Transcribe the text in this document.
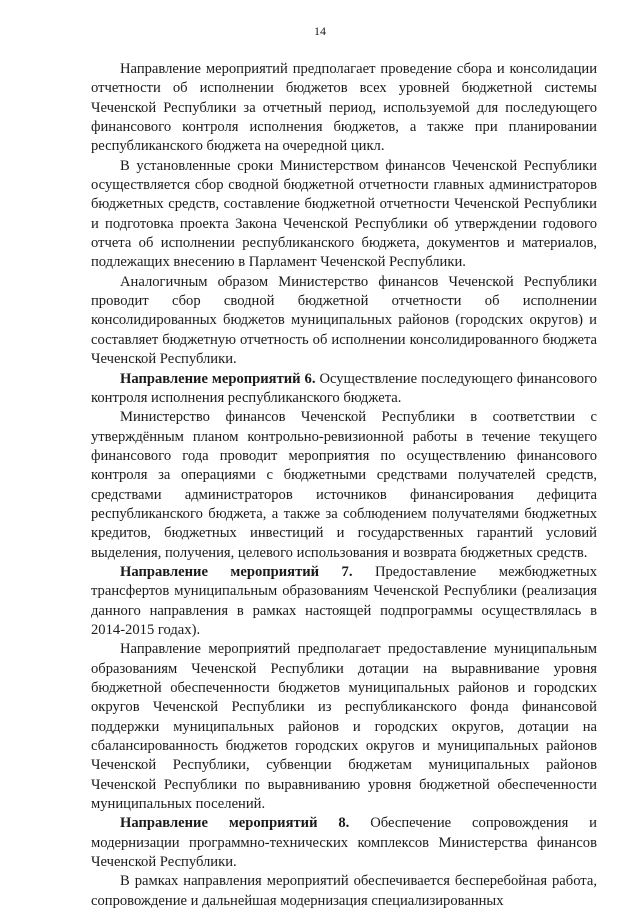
14

Направление мероприятий предполагает проведение сбора и консолидации отчетности об исполнении бюджетов всех уровней бюджетной системы Чеченской Республики за отчетный период, используемой для последующего финансового контроля исполнения бюджетов, а также при планировании республиканского бюджета на очередной цикл.

В установленные сроки Министерством финансов Чеченской Республики осуществляется сбор сводной бюджетной отчетности главных администраторов бюджетных средств, составление бюджетной отчетности Чеченской Республики и подготовка проекта Закона Чеченской Республики об утверждении годового отчета об исполнении республиканского бюджета, документов и материалов, подлежащих внесению в Парламент Чеченской Республики.

Аналогичным образом Министерство финансов Чеченской Республики проводит сбор сводной бюджетной отчетности об исполнении консолидированных бюджетов муниципальных районов (городских округов) и составляет бюджетную отчетность об исполнении консолидированного бюджета Чеченской Республики.

Направление мероприятий 6. Осуществление последующего финансового контроля исполнения республиканского бюджета.

Министерство финансов Чеченской Республики в соответствии с утверждённым планом контрольно-ревизионной работы в течение текущего финансового года проводит мероприятия по осуществлению финансового контроля за операциями с бюджетными средствами получателей средств, средствами администраторов источников финансирования дефицита республиканского бюджета, а также за соблюдением получателями бюджетных кредитов, бюджетных инвестиций и государственных гарантий условий выделения, получения, целевого использования и возврата бюджетных средств.

Направление мероприятий 7. Предоставление межбюджетных трансфертов муниципальным образованиям Чеченской Республики (реализация данного направления в рамках настоящей подпрограммы осуществлялась в 2014-2015 годах).

Направление мероприятий предполагает предоставление муниципальным образованиям Чеченской Республики дотации на выравнивание уровня бюджетной обеспеченности бюджетов муниципальных районов и городских округов Чеченской Республики из республиканского фонда финансовой поддержки муниципальных районов и городских округов, дотации на сбалансированность бюджетов городских округов и муниципальных районов Чеченской Республики, субвенции бюджетам муниципальных районов Чеченской Республики по выравниванию уровня бюджетной обеспеченности муниципальных поселений.

Направление мероприятий 8. Обеспечение сопровождения и модернизации программно-технических комплексов Министерства финансов Чеченской Республики.

В рамках направления мероприятий обеспечивается бесперебойная работа, сопровождение и дальнейшая модернизация специализированных
